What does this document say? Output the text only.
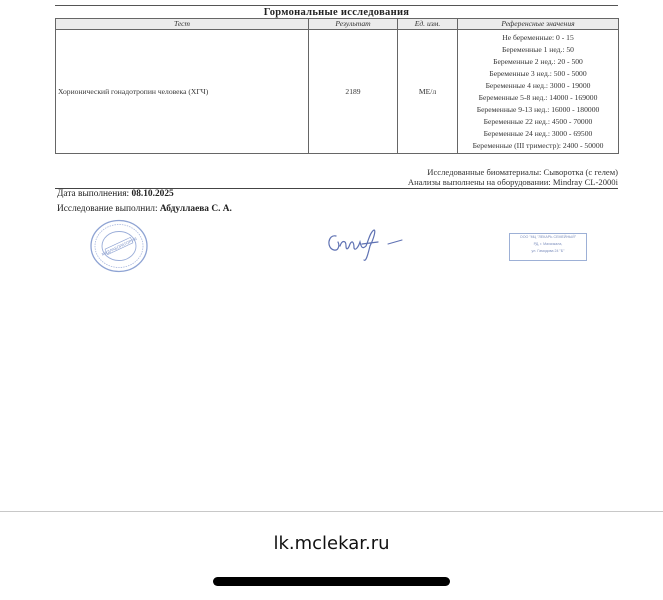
Гормональные исследования
Тест	Результат	Ед. изм.	Референсные значения
Хорионический гонадотропин человека (ХГЧ)	2189	МЕ/л	
Не беременные: 0 - 15
Беременные 1 нед.: 50
Беременные 2 нед.: 20 - 500
Беременные 3 нед.: 500 - 5000
Беременные 4 нед.: 3000 - 19000
Беременные 5-8 нед.: 14000 - 169000
Беременные 9-13 нед.: 16000 - 180000
Беременные 22 нед.: 4500 - 70000
Беременные 24 нед.: 3000 - 69500
Беременные (III триместр): 2400 - 50000
Исследованные биоматериалы: Сыворотка (с гелем)
Анализы выполнены на оборудовании: Mindray CL-2000i
Дата выполнения: 08.10.2025
Исследование выполнил: Абдуллаева С. А.
МЕДЛАБОРАТОРИЯ	ООО "МЦ "ЛЕКАРЬ СЕМЕЙНЫЙ"
РД, г. Махачкала,
ул. Гамидова 24 "Б"
lk.mclekar.ru
